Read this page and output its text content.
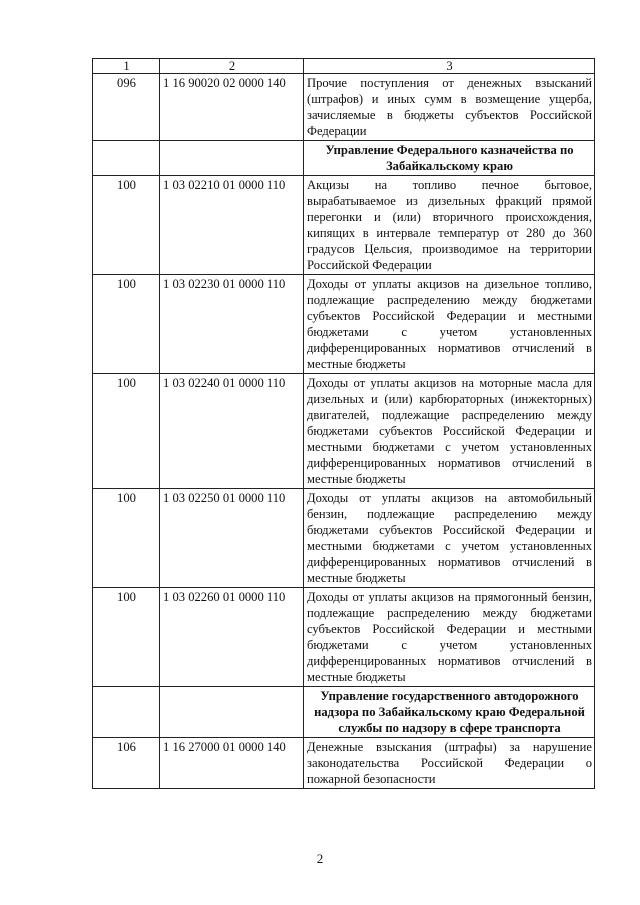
1	2	3
096	1 16 90020 02 0000 140	Прочие поступления от денежных взысканий (штрафов) и иных сумм в возмещение ущерба, зачисляемые в бюджеты субъектов Российской Федерации
		Управление Федерального казначейства по Забайкальскому краю
100	1 03 02210 01 0000 110	Акцизы на топливо печное бытовое, вырабатываемое из дизельных фракций прямой перегонки и (или) вторичного происхождения, кипящих в интервале температур от 280 до 360 градусов Цельсия, производимое на территории Российской Федерации
100	1 03 02230 01 0000 110	Доходы от уплаты акцизов на дизельное топливо, подлежащие распределению между бюджетами субъектов Российской Федерации и местными бюджетами с учетом установленных дифференцированных нормативов отчислений в местные бюджеты
100	1 03 02240 01 0000 110	Доходы от уплаты акцизов на моторные масла для дизельных и (или) карбюраторных (инжекторных) двигателей, подлежащие распределению между бюджетами субъектов Российской Федерации и местными бюджетами с учетом установленных дифференцированных нормативов отчислений в местные бюджеты
100	1 03 02250 01 0000 110	Доходы от уплаты акцизов на автомобильный бензин, подлежащие распределению между бюджетами субъектов Российской Федерации и местными бюджетами с учетом установленных дифференцированных нормативов отчислений в местные бюджеты
100	1 03 02260 01 0000 110	Доходы от уплаты акцизов на прямогонный бензин, подлежащие распределению между бюджетами субъектов Российской Федерации и местными бюджетами с учетом установленных дифференцированных нормативов отчислений в местные бюджеты
		Управление государственного автодорожного надзора по Забайкальскому краю Федеральной службы по надзору в сфере транспорта
106	1 16 27000 01 0000 140	Денежные взыскания (штрафы) за нарушение законодательства Российской Федерации о пожарной безопасности
2
